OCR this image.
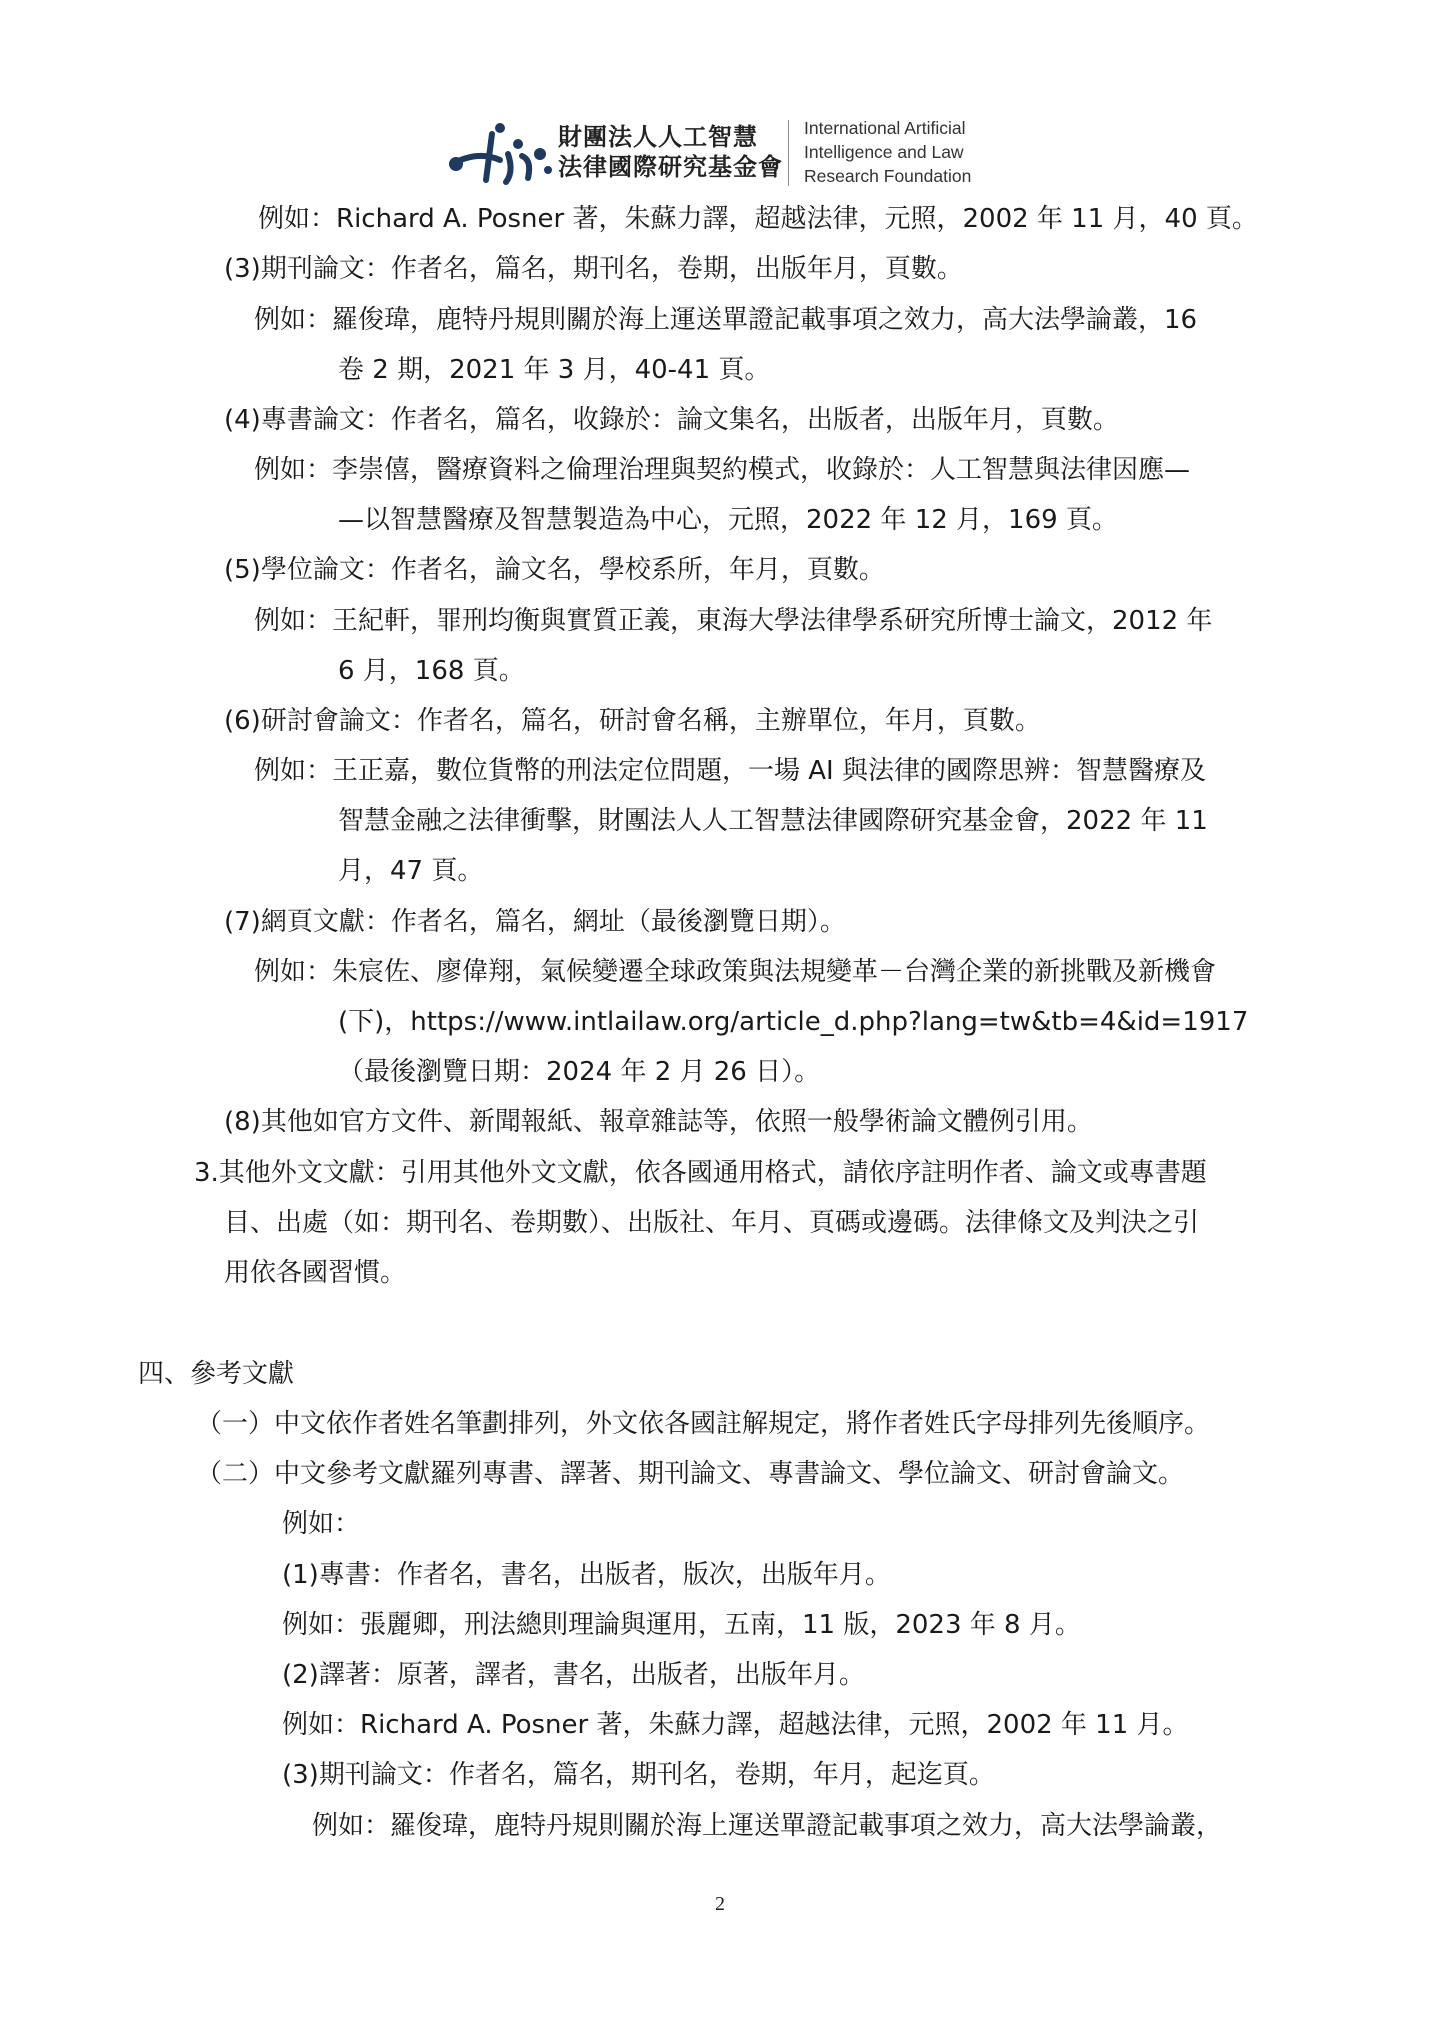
財團法人人工智慧
法律國際研究基金會
International Artificial
Intelligence and Law
Research Foundation
例如：Richard A. Posner 著，朱蘇力譯，超越法律，元照，2002 年 11 月，40 頁。
(3)期刊論文：作者名，篇名，期刊名，卷期，出版年月，頁數。
例如：羅俊瑋，鹿特丹規則關於海上運送單證記載事項之效力，高大法學論叢，16
卷 2 期，2021 年 3 月，40-41 頁。
(4)專書論文：作者名，篇名，收錄於：論文集名，出版者，出版年月，頁數。
例如：李崇僖，醫療資料之倫理治理與契約模式，收錄於：人工智慧與法律因應—
—以智慧醫療及智慧製造為中心，元照，2022 年 12 月，169 頁。
(5)學位論文：作者名，論文名，學校系所，年月，頁數。
例如：王紀軒，罪刑均衡與實質正義，東海大學法律學系研究所博士論文，2012 年
6 月，168 頁。
(6)研討會論文：作者名，篇名，研討會名稱，主辦單位，年月，頁數。
例如：王正嘉，數位貨幣的刑法定位問題，一場 AI 與法律的國際思辨：智慧醫療及
智慧金融之法律衝擊，財團法人人工智慧法律國際研究基金會，2022 年 11
月，47 頁。
(7)網頁文獻：作者名，篇名，網址（最後瀏覽日期）。
例如：朱宸佐、廖偉翔，氣候變遷全球政策與法規變革－台灣企業的新挑戰及新機會
(下)，https://www.intlailaw.org/article_d.php?lang=tw&tb=4&id=1917
（最後瀏覽日期：2024 年 2 月 26 日）。
(8)其他如官方文件、新聞報紙、報章雜誌等，依照一般學術論文體例引用。
3.其他外文文獻：引用其他外文文獻，依各國通用格式，請依序註明作者、論文或專書題
目、出處（如：期刊名、卷期數）、出版社、年月、頁碼或邊碼。法律條文及判決之引
用依各國習慣。
四、參考文獻
（一）中文依作者姓名筆劃排列，外文依各國註解規定，將作者姓氏字母排列先後順序。
（二）中文參考文獻羅列專書、譯著、期刊論文、專書論文、學位論文、研討會論文。
例如：
(1)專書：作者名，書名，出版者，版次，出版年月。
例如：張麗卿，刑法總則理論與運用，五南，11 版，2023 年 8 月。
(2)譯著：原著，譯者，書名，出版者，出版年月。
例如：Richard A. Posner 著，朱蘇力譯，超越法律，元照，2002 年 11 月。
(3)期刊論文：作者名，篇名，期刊名，卷期，年月，起迄頁。
例如：羅俊瑋，鹿特丹規則關於海上運送單證記載事項之效力，高大法學論叢，
2
